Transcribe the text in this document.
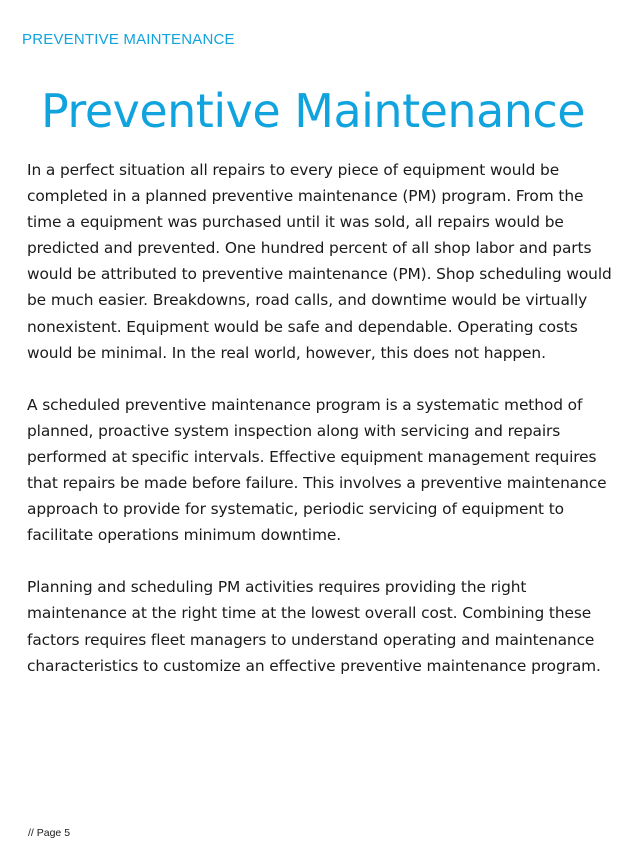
PREVENTIVE MAINTENANCE
Preventive Maintenance

In a perfect situation all repairs to every piece of equipment would be completed in a planned preventive maintenance (PM) program. From the time a equipment was purchased until it was sold, all repairs would be predicted and prevented. One hundred percent of all shop labor and parts would be attributed to preventive maintenance (PM). Shop scheduling would be much easier. Breakdowns, road calls, and downtime would be virtually nonexistent. Equipment would be safe and dependable. Operating costs would be minimal. In the real world, however, this does not happen.

A scheduled preventive maintenance program is a systematic method of planned, proactive system inspection along with servicing and repairs performed at specific intervals. Effective equipment management requires that repairs be made before failure. This involves a preventive maintenance approach to provide for systematic, periodic servicing of equipment to facilitate operations minimum downtime.

Planning and scheduling PM activities requires providing the right maintenance at the right time at the lowest overall cost. Combining these factors requires fleet managers to understand operating and maintenance characteristics to customize an effective preventive maintenance program.

// Page 5
